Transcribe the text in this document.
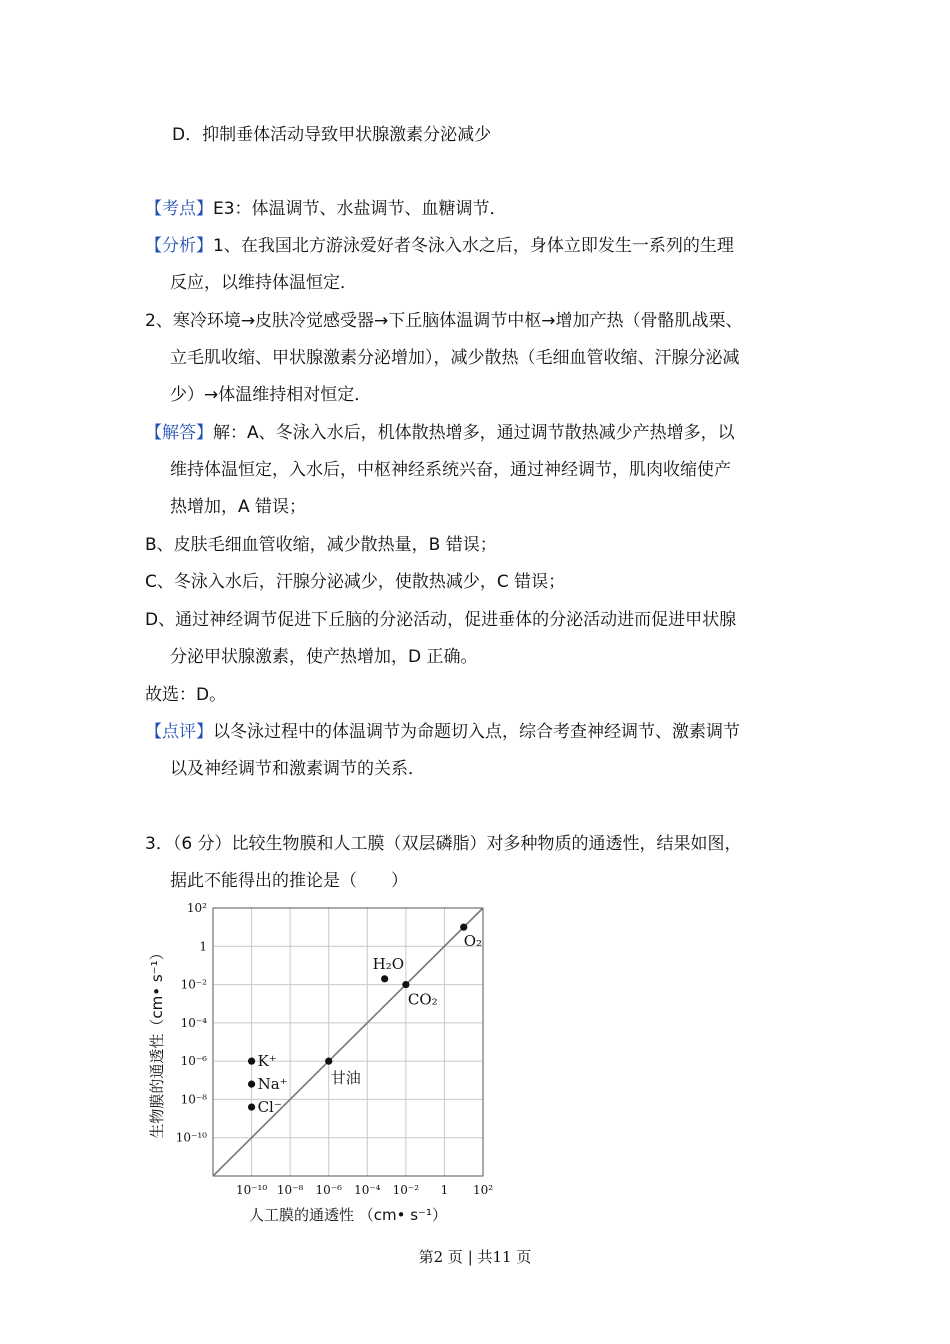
D．抑制垂体活动导致甲状腺激素分泌减少
【考点】E3：体温调节、水盐调节、血糖调节．
【分析】1、在我国北方游泳爱好者冬泳入水之后，身体立即发生一系列的生理
反应，以维持体温恒定．
2、寒冷环境→皮肤冷觉感受器→下丘脑体温调节中枢→增加产热（骨骼肌战栗、
立毛肌收缩、甲状腺激素分泌增加），减少散热（毛细血管收缩、汗腺分泌减
少）→体温维持相对恒定．
【解答】解：A、冬泳入水后，机体散热增多，通过调节散热减少产热增多，以
维持体温恒定，入水后，中枢神经系统兴奋，通过神经调节，肌肉收缩使产
热增加，A 错误；
B、皮肤毛细血管收缩，减少散热量，B 错误；
C、冬泳入水后，汗腺分泌减少，使散热减少，C 错误；
D、通过神经调节促进下丘脑的分泌活动，促进垂体的分泌活动进而促进甲状腺
分泌甲状腺激素，使产热增加，D 正确。
故选：D。
【点评】以冬泳过程中的体温调节为命题切入点，综合考查神经调节、激素调节
以及神经调节和激素调节的关系．
3．（6 分）比较生物膜和人工膜（双层磷脂）对多种物质的通透性，结果如图，
据此不能得出的推论是（　　）
10⁻¹⁰ 10⁻⁸ 10⁻⁶ 10⁻⁴ 10⁻² 1 10²
10²
1
10⁻²
10⁻⁴
10⁻⁶
10⁻⁸
10⁻¹⁰
人工膜的通透性 （cm• s⁻¹）
生物膜的通透性（cm• s⁻¹）
O₂
H₂O
CO₂
甘油
K⁺
Na⁺
Cl⁻
第2 页 | 共11 页
